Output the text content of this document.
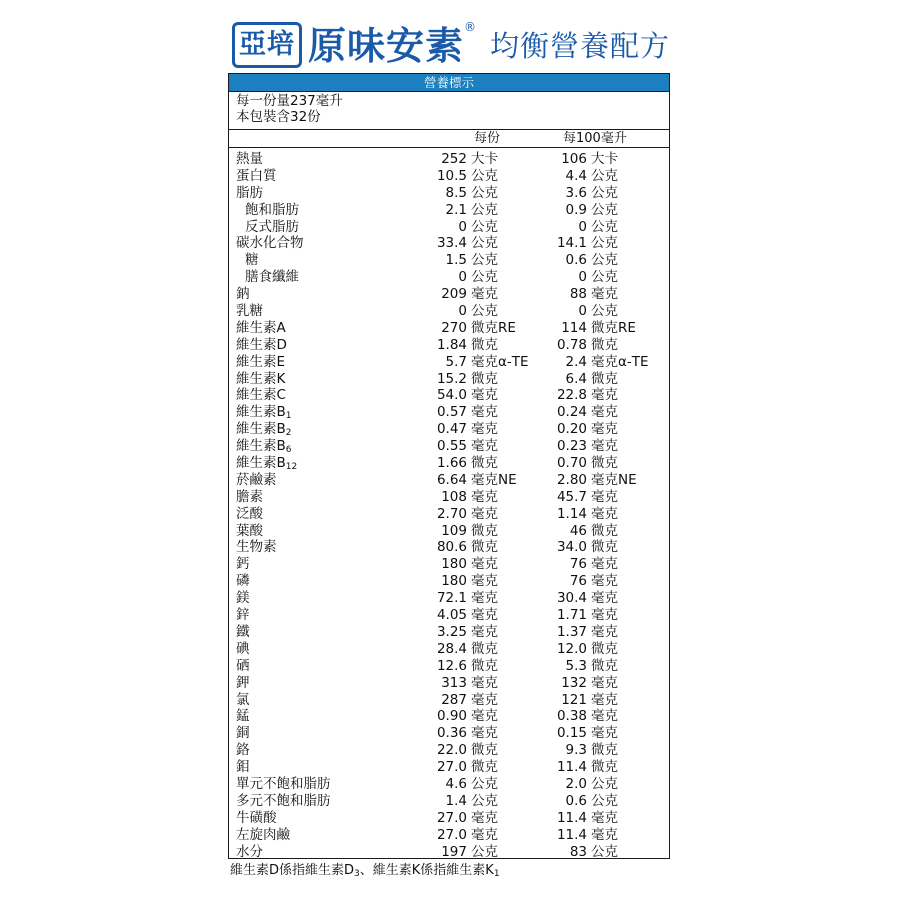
亞培 原味安素 ®
均衡營養配方
營養標示
每一份量237毫升
本包裝含32份
每份	每100毫升
熱量	252 大卡	106 大卡
蛋白質	10.5 公克	4.4 公克
脂肪	8.5 公克	3.6 公克
飽和脂肪	2.1 公克	0.9 公克
反式脂肪	0 公克	0 公克
碳水化合物	33.4 公克	14.1 公克
糖	1.5 公克	0.6 公克
膳食纖維	0 公克	0 公克
鈉	209 毫克	88 毫克
乳糖	0 公克	0 公克
維生素A	270 微克RE	114 微克RE
維生素D	1.84 微克	0.78 微克
維生素E	5.7 毫克α-TE	2.4 毫克α-TE
維生素K	15.2 微克	6.4 微克
維生素C	54.0 毫克	22.8 毫克
維生素$B_1$	0.57 毫克	0.24 毫克
維生素$B_2$	0.47 毫克	0.20 毫克
維生素$B_6$	0.55 毫克	0.23 毫克
維生素$B_{12}$	1.66 微克	0.70 微克
菸鹼素	6.64 毫克NE	2.80 毫克NE
膽素	108 毫克	45.7 毫克
泛酸	2.70 毫克	1.14 毫克
葉酸	109 微克	46 微克
生物素	80.6 微克	34.0 微克
鈣	180 毫克	76 毫克
磷	180 毫克	76 毫克
鎂	72.1 毫克	30.4 毫克
鋅	4.05 毫克	1.71 毫克
鐵	3.25 毫克	1.37 毫克
碘	28.4 微克	12.0 微克
硒	12.6 微克	5.3 微克
鉀	313 毫克	132 毫克
氯	287 毫克	121 毫克
錳	0.90 毫克	0.38 毫克
銅	0.36 毫克	0.15 毫克
鉻	22.0 微克	9.3 微克
鉬	27.0 微克	11.4 微克
單元不飽和脂肪	4.6 公克	2.0 公克
多元不飽和脂肪	1.4 公克	0.6 公克
牛磺酸	27.0 毫克	11.4 毫克
左旋肉鹼	27.0 毫克	11.4 毫克
水分	197 公克	83 公克
維生素D係指維生素$D_3$、維生素K係指維生素$K_1$
